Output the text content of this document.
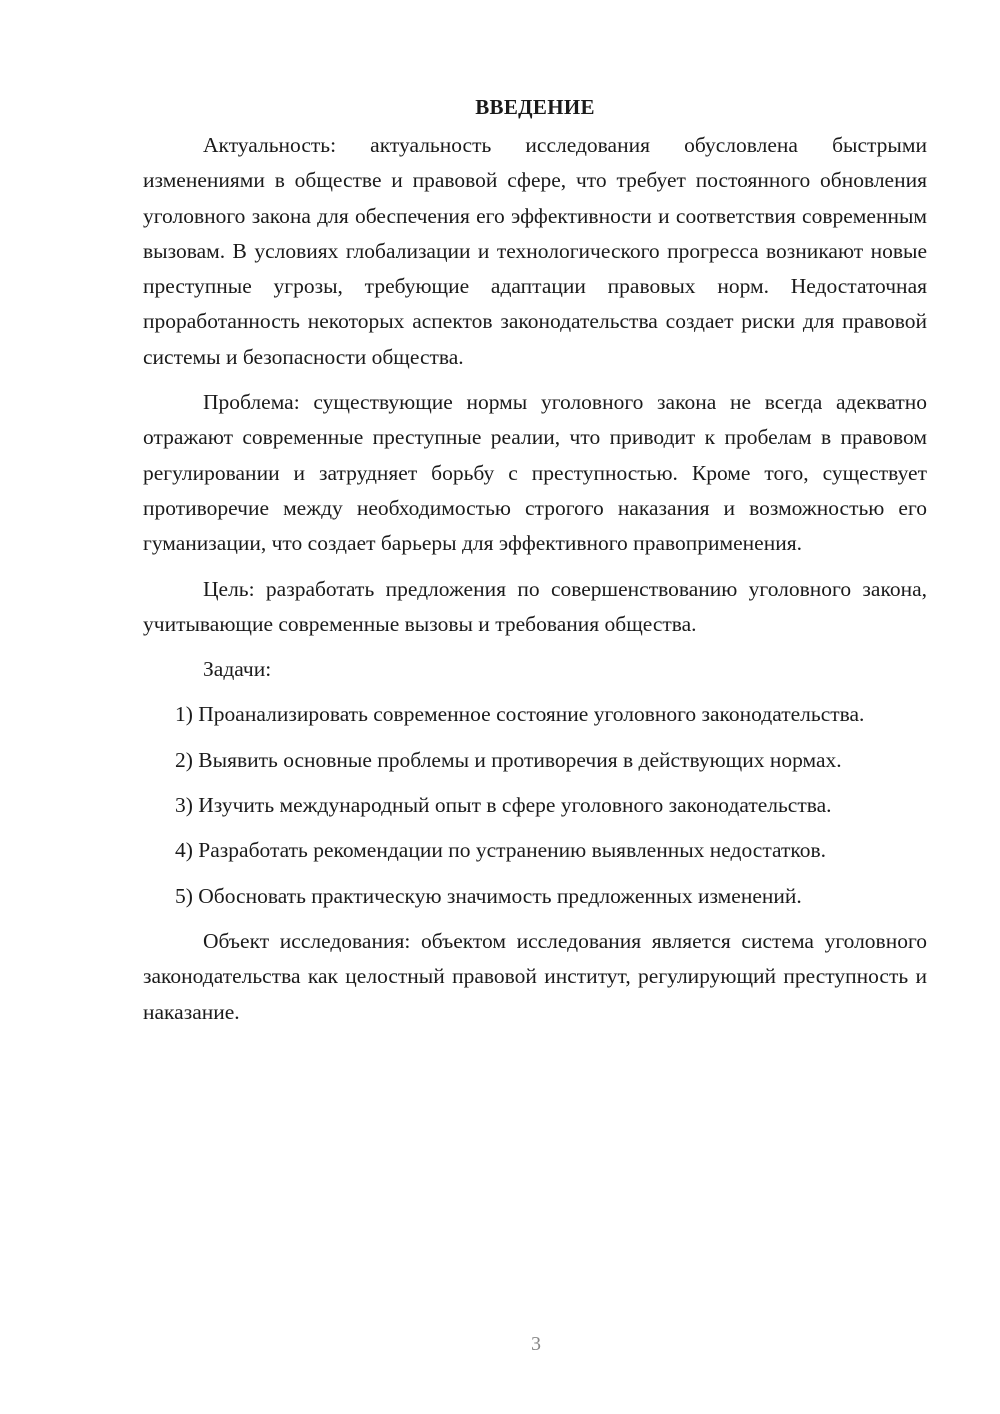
ВВЕДЕНИЕ

Актуальность: актуальность исследования обусловлена быстрыми изменениями в обществе и правовой сфере, что требует постоянного обновления уголовного закона для обеспечения его эффективности и соответствия современным вызовам. В условиях глобализации и технологического прогресса возникают новые преступные угрозы, требующие адаптации правовых норм. Недостаточная проработанность некоторых аспектов законодательства создает риски для правовой системы и безопасности общества.

Проблема: существующие нормы уголовного закона не всегда адекватно отражают современные преступные реалии, что приводит к пробелам в правовом регулировании и затрудняет борьбу с преступностью. Кроме того, существует противоречие между необходимостью строгого наказания и возможностью его гуманизации, что создает барьеры для эффективного правоприменения.

Цель: разработать предложения по совершенствованию уголовного закона, учитывающие современные вызовы и требования общества.

Задачи:

1) Проанализировать современное состояние уголовного законодательства.

2) Выявить основные проблемы и противоречия в действующих нормах.

3) Изучить международный опыт в сфере уголовного законодательства.

4) Разработать рекомендации по устранению выявленных недостатков.

5) Обосновать практическую значимость предложенных изменений.

Объект исследования: объектом исследования является система уголовного законодательства как целостный правовой институт, регулирующий преступность и наказание.

3
